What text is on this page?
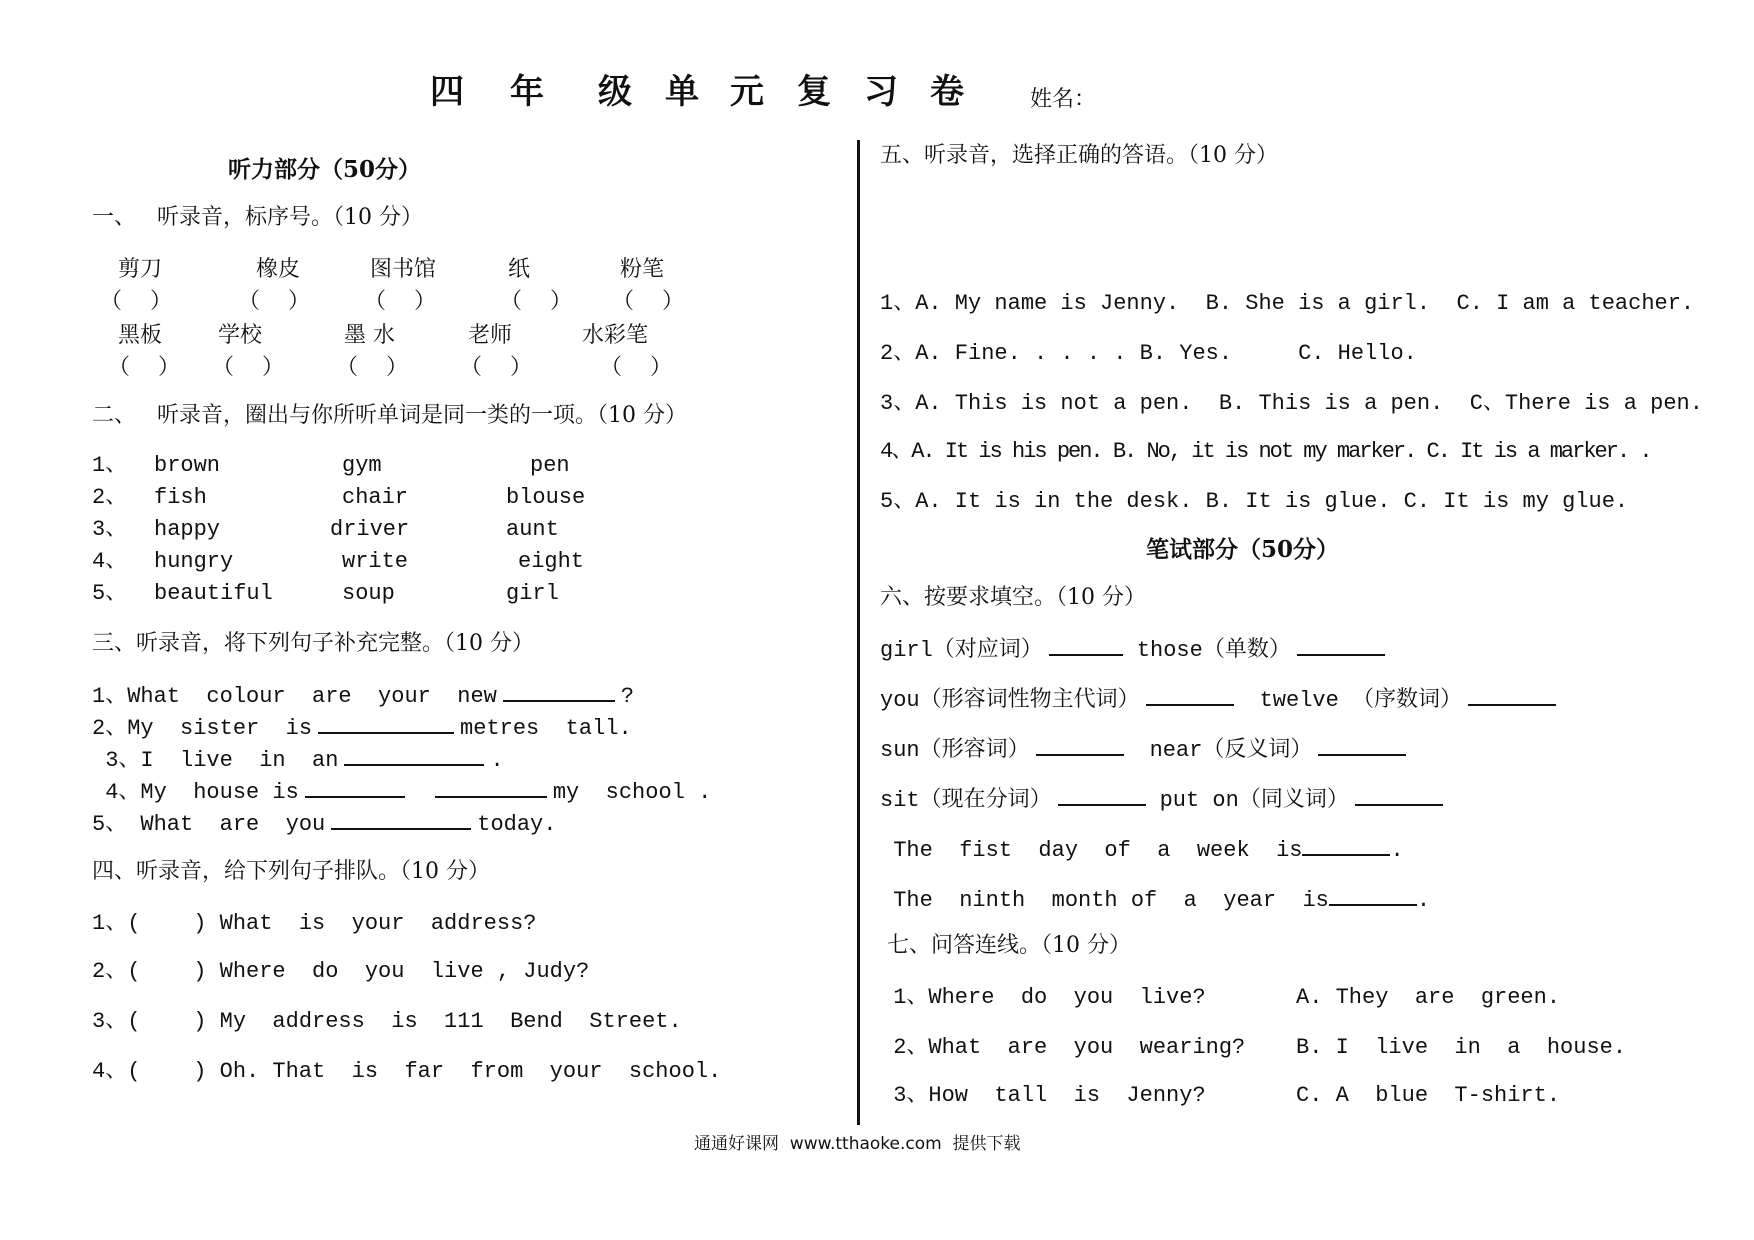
四 年 级 单 元 复 习 卷	姓名：
听力部分（50分）
一、   听录音，标序号。（10 分）
剪刀	橡皮	图书馆	纸	粉笔
（    ）	（    ） （    ）	（    ） （    ）
黑板	学校	墨 水	老师	水彩笔
（    ） （    ） （    ） （    ）	（    ）
二、   听录音，圈出与你所听单词是同一类的一项。（10 分）
1、 brown	gym	pen
2、 fish	chair	blouse
3、 happy	driver	aunt
4、 hungry	write	eight
5、 beautiful	soup	girl
三、听录音，将下列句子补充完整。（10 分）
1、What  colour  are  your  new	?
2、My  sister  is	metres  tall.
3、I  live  in  an	.
4、My  house is	my  school .
5、 What  are  you	today.
四、听录音，给下列句子排队。（10 分）
1、(    ) What  is  your  address?
2、(    ) Where  do  you  live , Judy?
3、(    ) My  address  is  111  Bend  Street.
4、(    ) Oh. That  is  far  from  your  school.
五、听录音，选择正确的答语。（10 分）
1、A. My name is Jenny.  B. She is a girl.  C. I am a teacher.
2、A. Fine. . . . . B. Yes.     C. Hello.
3、A. This is not a pen.  B. This is a pen.  C、There is a pen.
4、A. It is his pen. B. No, it is not my marker. C. It is a marker. .
5、A. It is in the desk. B. It is glue. C. It is my glue.
笔试部分（50分）
六、按要求填空。（10 分）
girl（对应词）	those（单数）
you（形容词性物主代词）	twelve （序数词）
sun（形容词）	near（反义词）
sit（现在分词）	put on（同义词）
The  fist  day  of  a  week  is	.
The  ninth  month of  a  year  is	.
七、问答连线。（10 分）
1、Where  do  you  live?
2、What  are  you  wearing?
3、How  tall  is  Jenny?
A. They  are  green.
B. I  live  in  a  house.
C. A  blue  T-shirt.
通通好课网  www.tthaoke.com  提供下载
